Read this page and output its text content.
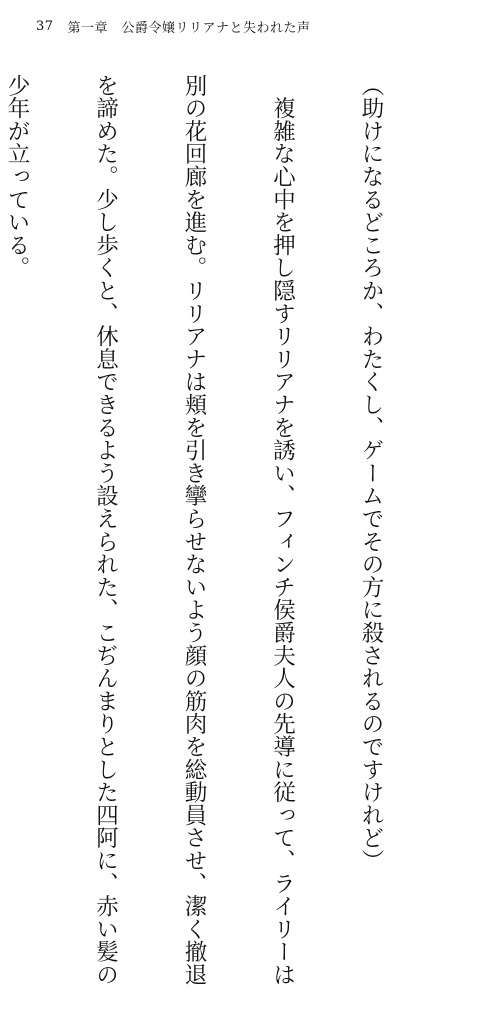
37 第一章　公爵令嬢リリアナと失われた声

（助けになるどころか、わたくし、ゲームでその方に殺されるのですけれど）

　複雑な心中を押し隠すリリアナを誘い、フィンチ侯爵夫人の先導に従って、ライリーは

別の花回廊を進む。リリアナは頬を引き攣らせないよう顔の筋肉を総動員させ、潔く撤退

を諦めた。少し歩くと、休息できるよう設えられた、こぢんまりとした四阿に、赤い髪の

少年が立っている。
